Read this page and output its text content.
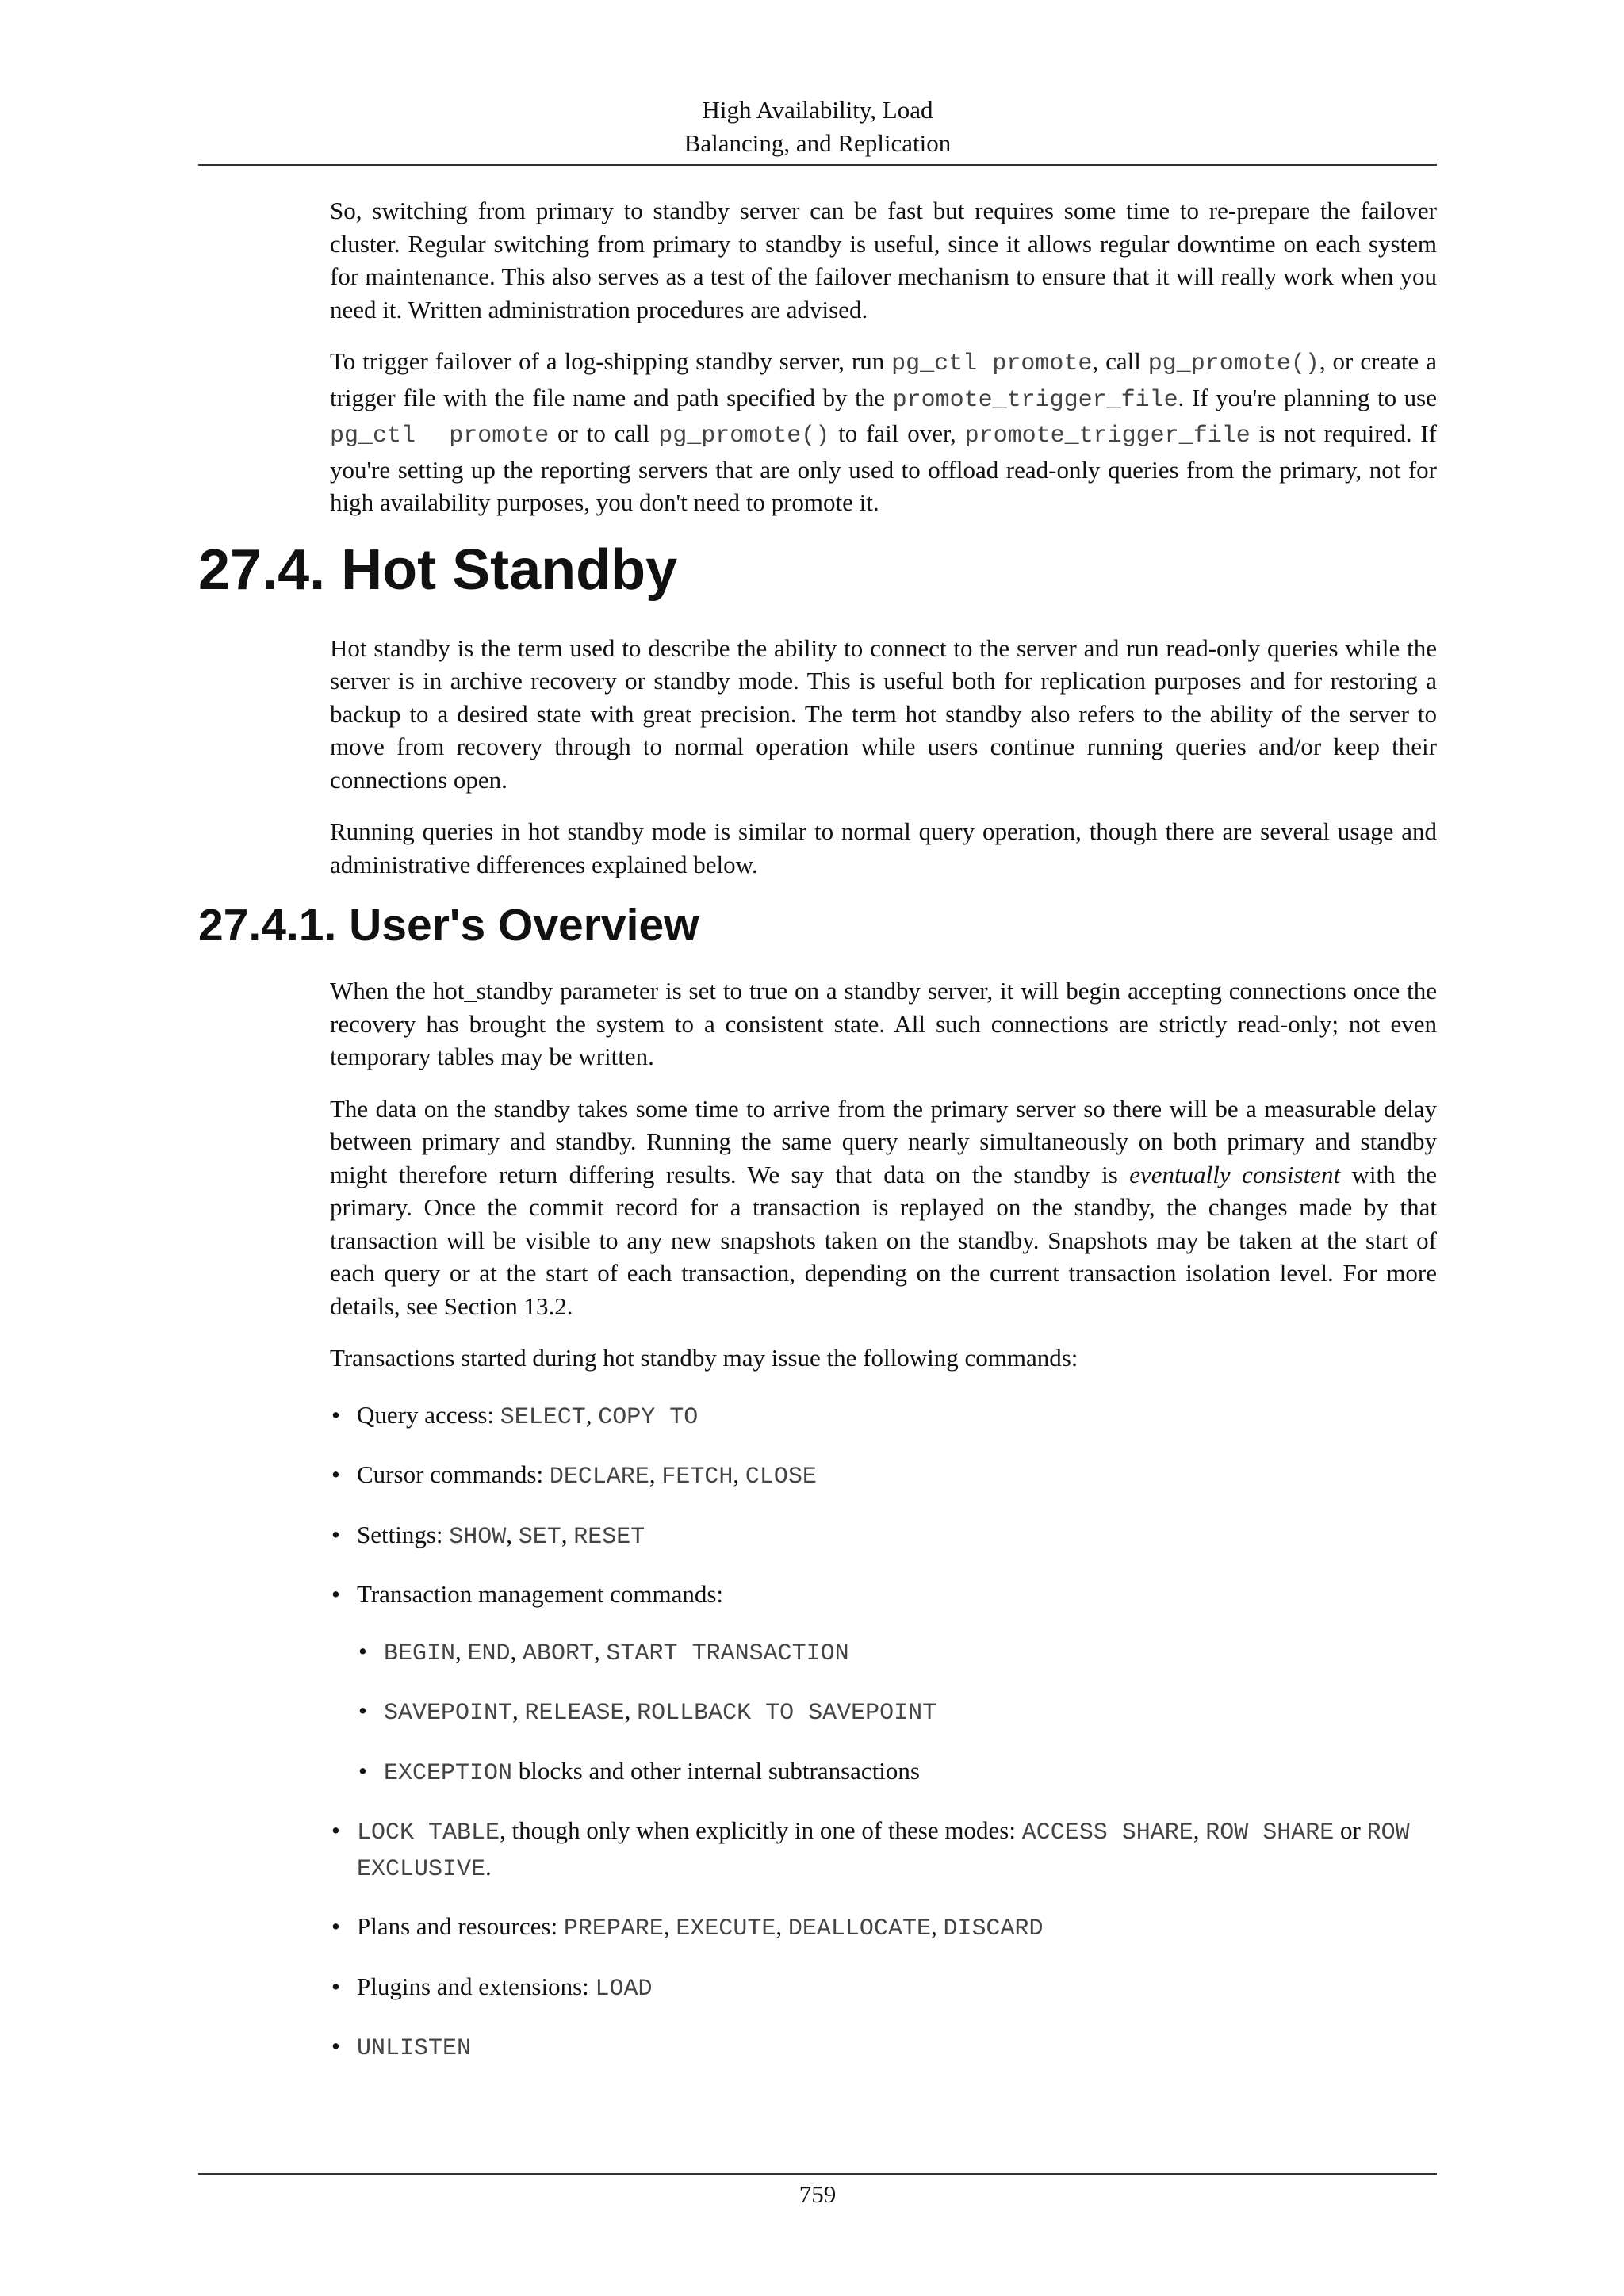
High Availability, Load
Balancing, and Replication

So, switching from primary to standby server can be fast but requires some time to re-prepare the failover cluster. Regular switching from primary to standby is useful, since it allows regular downtime on each system for maintenance. This also serves as a test of the failover mechanism to ensure that it will really work when you need it. Written administration procedures are advised.

To trigger failover of a log-shipping standby server, run pg_ctl promote, call pg_promote(), or create a trigger file with the file name and path specified by the promote_trigger_file. If you're planning to use pg_ctl  promote or to call pg_promote() to fail over, promote_trigger_file is not required. If you're setting up the reporting servers that are only used to offload read-only queries from the primary, not for high availability purposes, you don't need to promote it.

27.4. Hot Standby

Hot standby is the term used to describe the ability to connect to the server and run read-only queries while the server is in archive recovery or standby mode. This is useful both for replication purposes and for restoring a backup to a desired state with great precision. The term hot standby also refers to the ability of the server to move from recovery through to normal operation while users continue running queries and/or keep their connections open.

Running queries in hot standby mode is similar to normal query operation, though there are several usage and administrative differences explained below.

27.4.1. User's Overview

When the hot_standby parameter is set to true on a standby server, it will begin accepting connections once the recovery has brought the system to a consistent state. All such connections are strictly read-only; not even temporary tables may be written.

The data on the standby takes some time to arrive from the primary server so there will be a measurable delay between primary and standby. Running the same query nearly simultaneously on both primary and standby might therefore return differing results. We say that data on the standby is eventually consistent with the primary. Once the commit record for a transaction is replayed on the standby, the changes made by that transaction will be visible to any new snapshots taken on the standby. Snapshots may be taken at the start of each query or at the start of each transaction, depending on the current transaction isolation level. For more details, see Section 13.2.

Transactions started during hot standby may issue the following commands:

• Query access: SELECT, COPY TO
• Cursor commands: DECLARE, FETCH, CLOSE
• Settings: SHOW, SET, RESET
• Transaction management commands:
• BEGIN, END, ABORT, START TRANSACTION
• SAVEPOINT, RELEASE, ROLLBACK TO SAVEPOINT
• EXCEPTION blocks and other internal subtransactions
• LOCK TABLE, though only when explicitly in one of these modes: ACCESS SHARE, ROW SHARE or ROW EXCLUSIVE.
• Plans and resources: PREPARE, EXECUTE, DEALLOCATE, DISCARD
• Plugins and extensions: LOAD
• UNLISTEN
759
